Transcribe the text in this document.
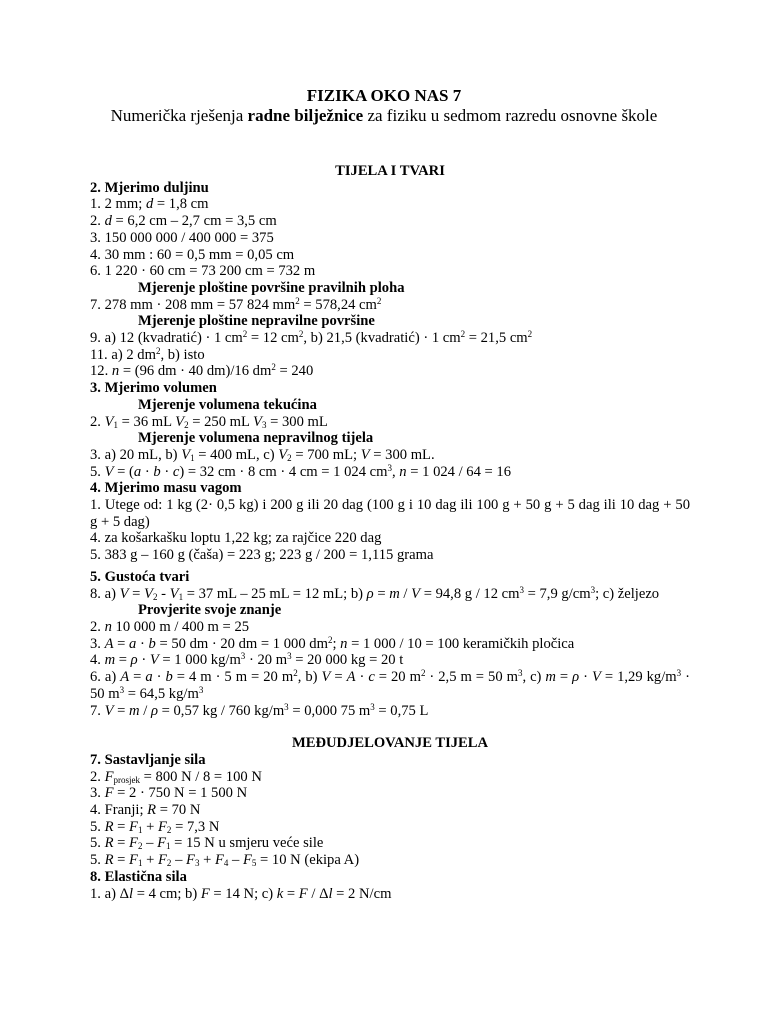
FIZIKA OKO NAS 7
Numerička rješenja radne bilježnice za fiziku u sedmom razredu osnovne škole
TIJELA I TVARI
2. Mjerimo duljinu
1. 2 mm; d = 1,8 cm
2. d = 6,2 cm – 2,7 cm = 3,5 cm
3. 150 000 000 / 400 000 = 375
4. 30 mm : 60 = 0,5 mm = 0,05 cm
6. 1 220 · 60 cm = 73 200 cm = 732 m
Mjerenje ploštine površine pravilnih ploha
7. 278 mm · 208 mm = 57 824 $mm^2 = 578,24$ $cm^2$
Mjerenje ploštine nepravilne površine
9. a) 12 (kvadratić) · 1 $cm^2 = 12$ $cm^2$, b) 21,5 (kvadratić) · 1 $cm^2 = 21,5$ $cm^2$
11. a) 2 $dm^2$, b) isto
12. n = (96 dm · 40 dm)/16 $dm^2 = 240$
3. Mjerimo volumen
Mjerenje volumena tekućina
2. $V_1 = 36$ mL $V_2 = 250$ mL $V_3 = 300$ mL
Mjerenje volumena nepravilnog tijela
3. a) 20 mL, b) $V_1 = 400$ mL, c) $V_2 = 700$ mL; V = 300 mL.
5. V = (a · b · c) = 32 cm · 8 cm · 4 cm = 1 024 $cm^3$, n = 1 024 / 64 = 16
4. Mjerimo masu vagom
1. Utege od: 1 kg (2· 0,5 kg) i 200 g ili 20 dag (100 g i 10 dag ili 100 g + 50 g + 5 dag ili 10 dag + 50 g + 5 dag)
4. za košarkašku loptu 1,22 kg; za rajčice 220 dag
5. 383 g – 160 g (čaša) = 223 g; 223 g / 200 = 1,115 grama
5. Gustoća tvari
8. a) $V = V_2 - V_1 = 37$ mL – 25 mL = 12 mL; b) ρ = m / V = 94,8 g / 12 $cm^3 = 7,9$ $g/cm^3$; c) željezo
Provjerite svoje znanje
2. n 10 000 m / 400 m = 25
3. A = a · b = 50 dm · 20 dm = 1 000 $dm^2$; n = 1 000 / 10 = 100 keramičkih pločica
4. m = ρ · V = 1 000 $kg/m^3 \cdot 20$ $m^3 = 20$ 000 kg = 20 t
6. a) A = a · b = 4 m · 5 m = 20 $m^2$, b) V = A · c = 20 $m^2 \cdot 2,5$ m = 50 $m^3$, c) m = ρ · V = 1,29 $kg/m^3 \cdot 50$ $m^3 = 64,5$ $kg/m^3$
7. V = m / ρ = 0,57 kg / 760 $kg/m^3 = 0,000$ 75 $m^3 = 0,75$ L
MEĐUDJELOVANJE TIJELA
7. Sastavljanje sila
2. $F_{prosjek} = 800$ N / 8 = 100 N
3. F = 2 · 750 N = 1 500 N
4. Franji; R = 70 N
5. $R = F_1 + F_2 = 7,3$ N
5. $R = F_2 - F_1 = 15$ N u smjeru veće sile
5. $R = F_1 + F_2 - F_3 + F_4 - F_5 = 10$ N (ekipa A)
8. Elastična sila
1. a) Δl = 4 cm; b) F = 14 N; c) k = F / Δl = 2 N/cm
